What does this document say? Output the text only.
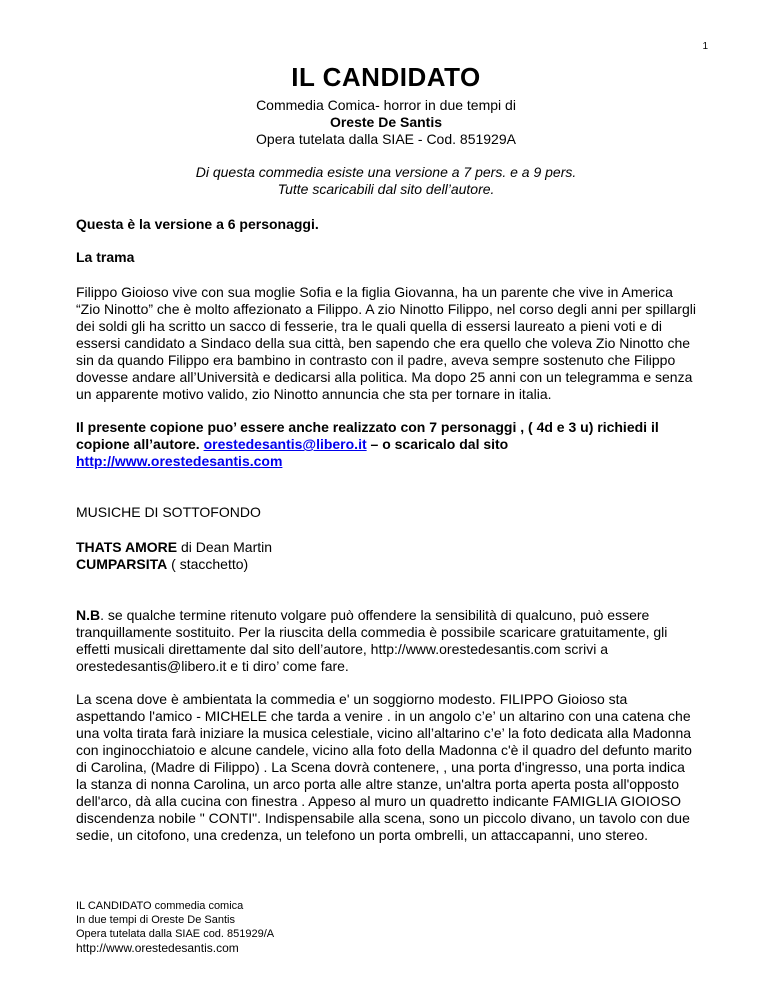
1
IL CANDIDATO

Commedia Comica- horror in due tempi di

Oreste De Santis

Opera tutelata dalla SIAE - Cod. 851929A

Di questa commedia esiste una versione a 7 pers. e a 9 pers.
Tutte scaricabili dal sito dell’autore.

Questa è la versione a 6 personaggi.

La trama

Filippo Gioioso vive con sua moglie Sofia e la figlia Giovanna, ha un parente che vive in America “Zio Ninotto” che è molto affezionato a Filippo. A zio Ninotto Filippo, nel corso degli anni per spillargli dei soldi gli ha scritto un sacco di fesserie, tra le quali quella di essersi laureato a pieni voti e di essersi candidato a Sindaco della sua città, ben sapendo che era quello che voleva Zio Ninotto che sin da quando Filippo era bambino in contrasto con il padre, aveva sempre sostenuto che Filippo dovesse andare all’Università e dedicarsi alla politica. Ma dopo 25 anni con un telegramma e senza un apparente motivo valido, zio Ninotto annuncia che sta per tornare in italia.

Il presente copione puo’ essere anche realizzato con 7 personaggi , ( 4d e 3 u) richiedi il copione all’autore. orestedesantis@libero.it – o scaricalo dal sito http://www.orestedesantis.com

MUSICHE DI SOTTOFONDO

THATS AMORE di Dean Martin

CUMPARSITA ( stacchetto)

N.B. se qualche termine ritenuto volgare può offendere la sensibilità di qualcuno, può essere tranquillamente sostituito. Per la riuscita della commedia è possibile scaricare gratuitamente, gli effetti musicali direttamente dal sito dell’autore, http://www.orestedesantis.com scrivi a orestedesantis@libero.it e ti diro’ come fare.

La scena dove è ambientata la commedia e' un soggiorno modesto. FILIPPO Gioioso sta aspettando l'amico - MICHELE che tarda a venire . in un angolo c’e’ un altarino con una catena che una volta tirata farà iniziare la musica celestiale, vicino all’altarino c’e’ la foto dedicata alla Madonna con inginocchiatoio e alcune candele, vicino alla foto della Madonna c'è il quadro del defunto marito di Carolina, (Madre di Filippo) . La Scena dovrà contenere, , una porta d'ingresso, una porta indica la stanza di nonna Carolina, un arco porta alle altre stanze, un'altra porta aperta posta all'opposto dell'arco, dà alla cucina con finestra . Appeso al muro un quadretto indicante FAMIGLIA GIOIOSO discendenza nobile " CONTI". Indispensabile alla scena, sono un piccolo divano, un tavolo con due sedie, un citofono, una credenza, un telefono un porta ombrelli, un attaccapanni, uno stereo.

IL CANDIDATO commedia comica
In due tempi di Oreste De Santis
Opera tutelata dalla SIAE cod. 851929/A
http://www.orestedesantis.com
